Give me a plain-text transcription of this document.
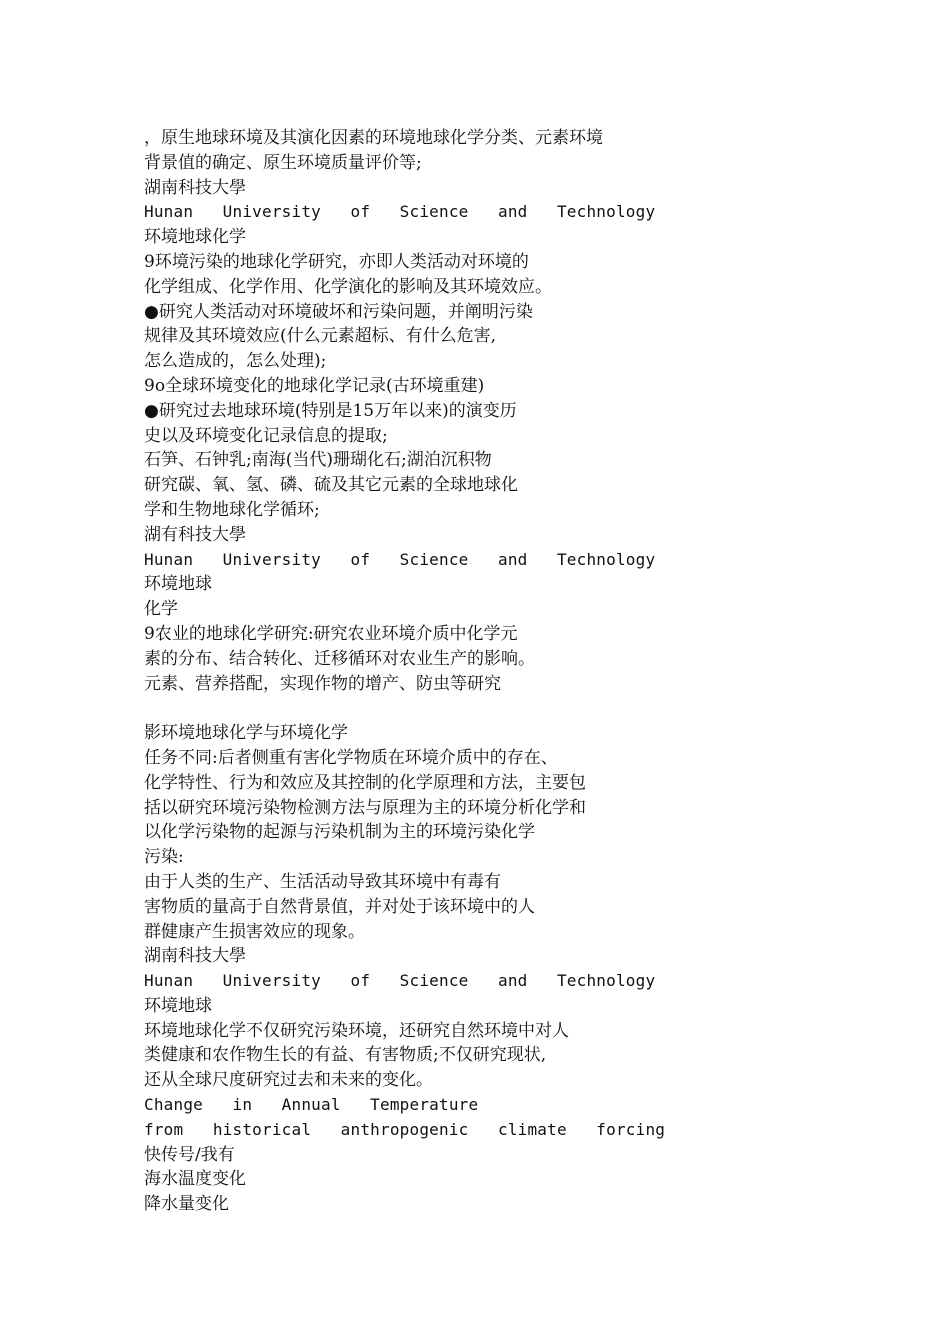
，原生地球环境及其演化因素的环境地球化学分类、元素环境
背景值的确定、原生环境质量评价等;
湖南科技大學
Hunan   University   of   Science   and   Technology
环境地球化学
9环境污染的地球化学研究，亦即人类活动对环境的
化学组成、化学作用、化学演化的影响及其环境效应。
●研究人类活动对环境破坏和污染问题，并阐明污染
规律及其环境效应(什么元素超标、有什么危害,
怎么造成的，怎么处理);
9o全球环境变化的地球化学记录(古环境重建)
●研究过去地球环境(特别是15万年以来)的演变历
史以及环境变化记录信息的提取;
石笋、石钟乳;南海(当代)珊瑚化石;湖泊沉积物
研究碳、氧、氢、磷、硫及其它元素的全球地球化
学和生物地球化学循环;
湖有科技大學
Hunan   University   of   Science   and   Technology
环境地球
化学
9农业的地球化学研究:研究农业环境介质中化学元
素的分布、结合转化、迁移循环对农业生产的影响。
元素、营养搭配，实现作物的增产、防虫等研究
影环境地球化学与环境化学
任务不同:后者侧重有害化学物质在环境介质中的存在、
化学特性、行为和效应及其控制的化学原理和方法，主要包
括以研究环境污染物检测方法与原理为主的环境分析化学和
以化学污染物的起源与污染机制为主的环境污染化学
污染:
由于人类的生产、生活活动导致其环境中有毒有
害物质的量高于自然背景值，并对处于该环境中的人
群健康产生损害效应的现象。
湖南科技大學
Hunan   University   of   Science   and   Technology
环境地球
环境地球化学不仅研究污染环境，还研究自然环境中对人
类健康和农作物生长的有益、有害物质;不仅研究现状,
还从全球尺度研究过去和未来的变化。
Change   in   Annual   Temperature
from   historical   anthropogenic   climate   forcing
快传号/我有
海水温度变化
降水量变化
